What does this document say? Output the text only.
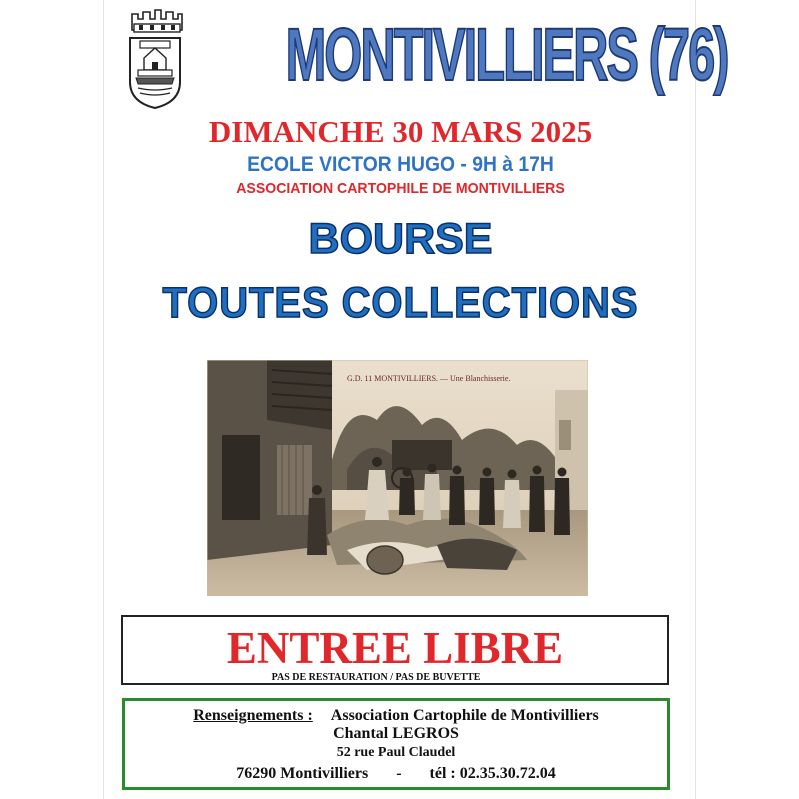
MONTIVILLIERS (76)
DIMANCHE 30 MARS 2025
ECOLE VICTOR HUGO - 9H à 17H
ASSOCIATION CARTOPHILE DE MONTIVILLIERS
BOURSE
TOUTES COLLECTIONS
G.D. 11 MONTIVILLIERS. — Une Blanchisserie.
ENTREE LIBRE
PAS DE RESTAURATION / PAS DE BUVETTE
Renseignements : Association Cartophile de Montivilliers
Chantal LEGROS
52 rue Paul Claudel
76290 Montivilliers - tél : 02.35.30.72.04
